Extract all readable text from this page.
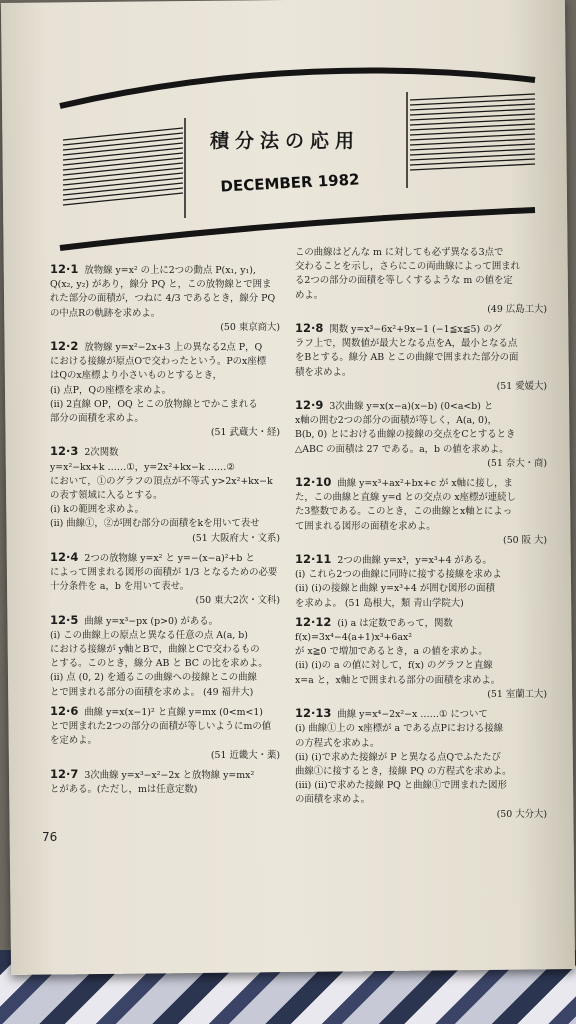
積分法の応用
DECEMBER 1982
12·1 放物線 y=x² の上に2つの動点 P(x₁, y₁),
Q(x₂, y₂) があり，線分 PQ と，この放物線とで囲ま
れた部分の面積が，つねに 4/3 であるとき，線分 PQ
の中点Rの軌跡を求めよ。
(50 東京商大)
12·2 放物線 y=x²−2x+3 上の異なる2点 P，Q
における接線が原点Oで交わったという。Pのx座標
はQのx座標より小さいものとするとき，
(i) 点P，Qの座標を求めよ。
(ii) 2直線 OP，OQ とこの放物線とでかこまれる
部分の面積を求めよ。
(51 武蔵大・経)
12·3 2次関数
y=x²−kx+k ……①，y=2x²+kx−k ……②
において，①のグラフの頂点が不等式 y>2x²+kx−k
の表す領域に入るとする。
(i) kの範囲を求めよ。
(ii) 曲線①，②が囲む部分の面積をkを用いて表せ
(51 大阪府大・文系)
12·4 2つの放物線 y=x² と y=−(x−a)²+b と
によって囲まれる図形の面積が 1/3 となるための必要
十分条件を a，b を用いて表せ。
(50 東大2次・文科)
12·5 曲線 y=x³−px (p>0) がある。
(i) この曲線上の原点と異なる任意の点 A(a, b)
における接線が y軸とBで，曲線とCで交わるもの
とする。このとき，線分 AB と BC の比を求めよ。
(ii) 点 (0, 2) を通るこの曲線への接線とこの曲線
とで囲まれる部分の面積を求めよ。 (49 福井大)
12·6 曲線 y=x(x−1)² と直線 y=mx (0<m<1)
とで囲まれた2つの部分の面積が等しいようにmの値
を定めよ。
(51 近畿大・薬)
12·7 3次曲線 y=x³−x²−2x と放物線 y=mx²
とがある。(ただし，mは任意定数)
この曲線はどんな m に対しても必ず異なる3点で
交わることを示し，さらにこの両曲線によって囲まれ
る2つの部分の面積を等しくするような m の値を定
めよ。
(49 広島工大)
12·8 関数 y=x³−6x²+9x−1 (−1≦x≦5) のグ
ラフ上で，関数値が最大となる点をA，最小となる点
をBとする。線分 AB とこの曲線で囲まれた部分の面
積を求めよ。
(51 愛媛大)
12·9 3次曲線 y=x(x−a)(x−b) (0<a<b) と
x軸の囲む2つの部分の面積が等しく，A(a, 0)，
B(b, 0) とにおける曲線の接線の交点をCとするとき
△ABC の面積は 27 である。a，b の値を求めよ。
(51 奈大・商)
12·10 曲線 y=x³+ax²+bx+c が x軸に接し，ま
た，この曲線と直線 y=d との交点の x座標が連続し
た3整数である。このとき，この曲線とx軸とによっ
て囲まれる図形の面積を求めよ。
(50 阪 大)
12·11 2つの曲線 y=x³，y=x³+4 がある。
(i) これら2つの曲線に同時に接する接線を求めよ
(ii) (i)の接線と曲線 y=x³+4 が囲む図形の面積
を求めよ。 (51 島根大，類 青山学院大)
12·12 (i) a は定数であって，関数
f(x)=3x⁴−4(a+1)x³+6ax²
が x≧0 で増加であるとき，a の値を求めよ。
(ii) (i)の a の値に対して，f(x) のグラフと直線
x=a と，x軸とで囲まれる部分の面積を求めよ。
(51 室蘭工大)
12·13 曲線 y=x⁴−2x²−x ……① について
(i) 曲線①上の x座標が a である点Pにおける接線
の方程式を求めよ。
(ii) (i)で求めた接線が P と異なる点Qでふたたび
曲線①に接するとき，接線 PQ の方程式を求めよ。
(iii) (ii)で求めた接線 PQ と曲線①で囲まれた図形
の面積を求めよ。
(50 大分大)
76
